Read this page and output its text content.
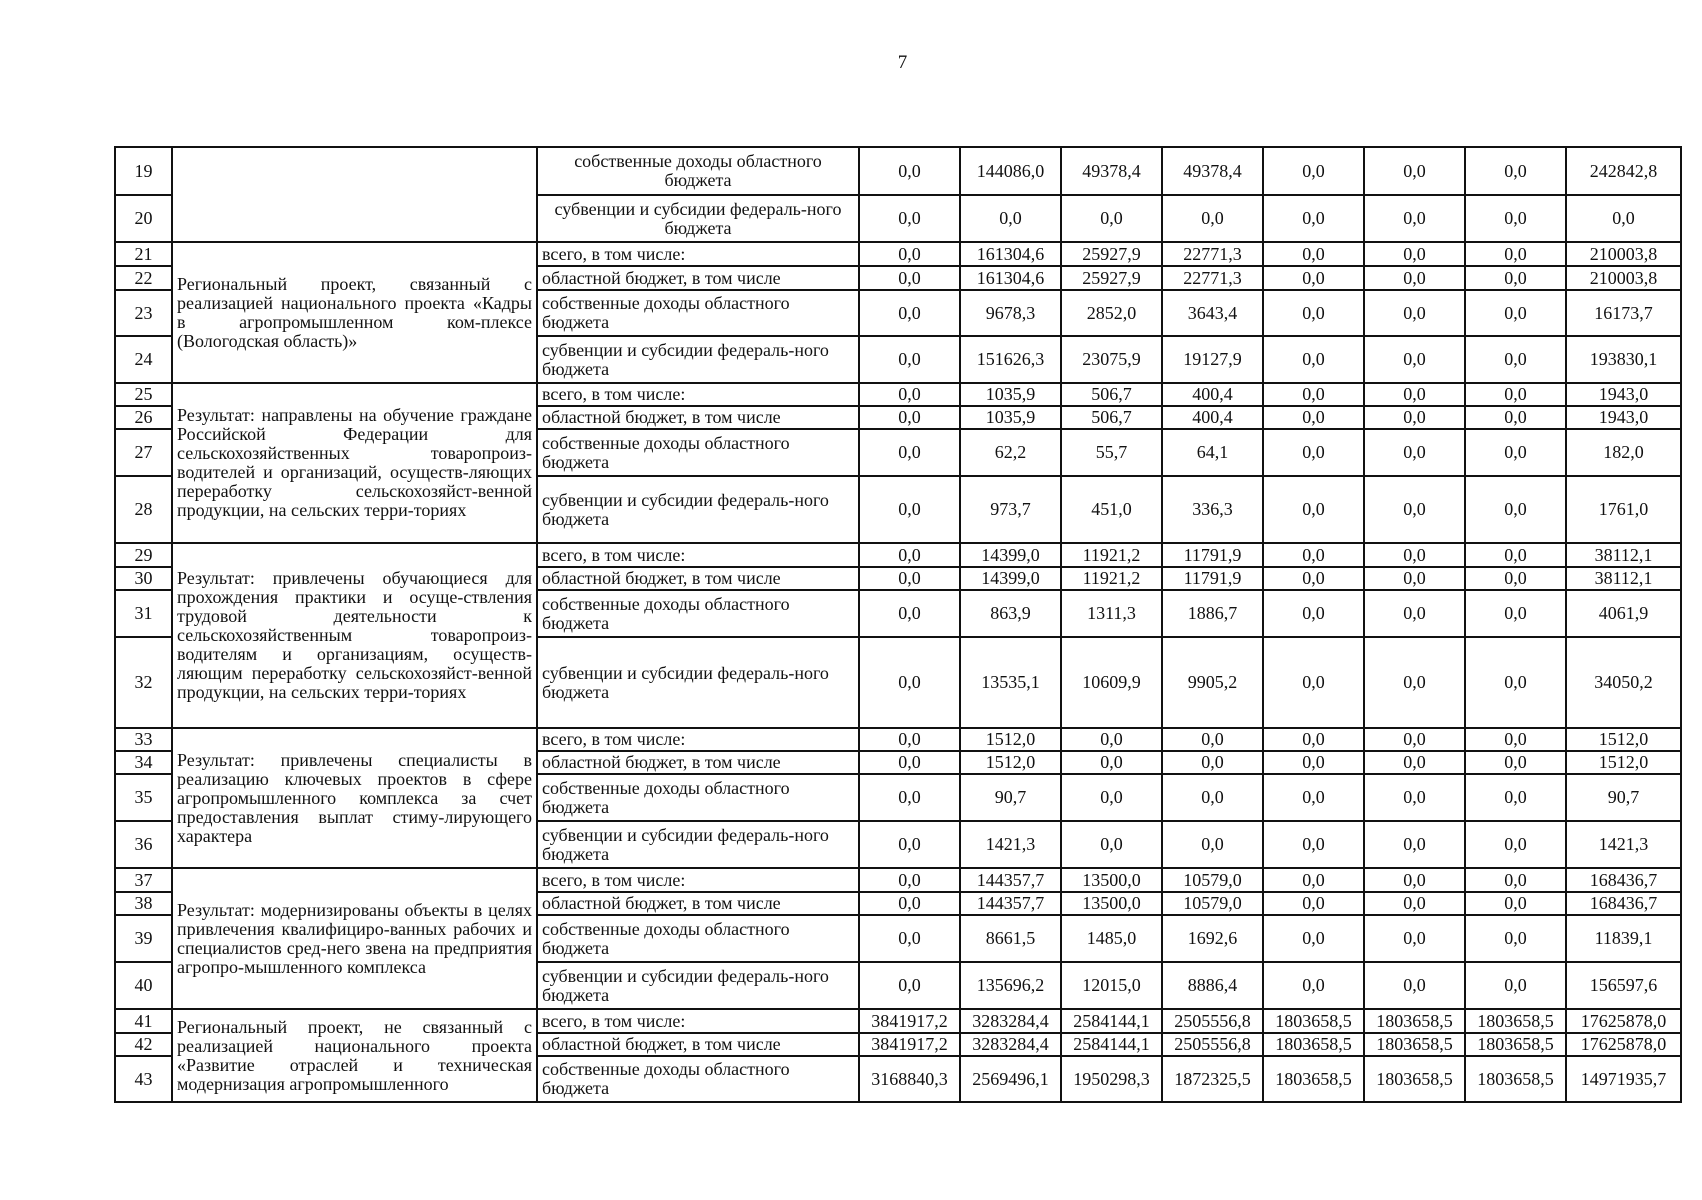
7
19		собственные доходы областного бюджета	0,0	144086,0	49378,4	49378,4	0,0	0,0	0,0	242842,8
20		субвенции и субсидии федераль-ного бюджета	0,0	0,0	0,0	0,0	0,0	0,0	0,0	0,0
21	Региональный проект, связанный с реализацией национального проекта «Кадры в агропромышленном ком-плексе (Вологодская область)»	всего, в том числе:	0,0	161304,6	25927,9	22771,3	0,0	0,0	0,0	210003,8
22		областной бюджет, в том числе	0,0	161304,6	25927,9	22771,3	0,0	0,0	0,0	210003,8
23		собственные доходы областного бюджета	0,0	9678,3	2852,0	3643,4	0,0	0,0	0,0	16173,7
24		субвенции и субсидии федераль-ного бюджета	0,0	151626,3	23075,9	19127,9	0,0	0,0	0,0	193830,1
25	Результат: направлены на обучение граждане Российской Федерации для сельскохозяйственных товаропроиз-водителей и организаций, осуществ-ляющих переработку сельскохозяйст-венной продукции, на сельских терри-ториях	всего, в том числе:	0,0	1035,9	506,7	400,4	0,0	0,0	0,0	1943,0
26		областной бюджет, в том числе	0,0	1035,9	506,7	400,4	0,0	0,0	0,0	1943,0
27		собственные доходы областного бюджета	0,0	62,2	55,7	64,1	0,0	0,0	0,0	182,0
28		субвенции и субсидии федераль-ного бюджета	0,0	973,7	451,0	336,3	0,0	0,0	0,0	1761,0
29	Результат: привлечены обучающиеся для прохождения практики и осуще-ствления трудовой деятельности к сельскохозяйственным товаропроиз-водителям и организациям, осуществ-ляющим переработку сельскохозяйст-венной продукции, на сельских терри-ториях	всего, в том числе:	0,0	14399,0	11921,2	11791,9	0,0	0,0	0,0	38112,1
30		областной бюджет, в том числе	0,0	14399,0	11921,2	11791,9	0,0	0,0	0,0	38112,1
31		собственные доходы областного бюджета	0,0	863,9	1311,3	1886,7	0,0	0,0	0,0	4061,9
32		субвенции и субсидии федераль-ного бюджета	0,0	13535,1	10609,9	9905,2	0,0	0,0	0,0	34050,2
33	Результат: привлечены специалисты в реализацию ключевых проектов в сфере агропромышленного комплекса за счет предоставления выплат стиму-лирующего характера	всего, в том числе:	0,0	1512,0	0,0	0,0	0,0	0,0	0,0	1512,0
34		областной бюджет, в том числе	0,0	1512,0	0,0	0,0	0,0	0,0	0,0	1512,0
35		собственные доходы областного бюджета	0,0	90,7	0,0	0,0	0,0	0,0	0,0	90,7
36		субвенции и субсидии федераль-ного бюджета	0,0	1421,3	0,0	0,0	0,0	0,0	0,0	1421,3
37	Результат: модернизированы объекты в целях привлечения квалифициро-ванных рабочих и специалистов сред-него звена на предприятия агропро-мышленного комплекса	всего, в том числе:	0,0	144357,7	13500,0	10579,0	0,0	0,0	0,0	168436,7
38		областной бюджет, в том числе	0,0	144357,7	13500,0	10579,0	0,0	0,0	0,0	168436,7
39		собственные доходы областного бюджета	0,0	8661,5	1485,0	1692,6	0,0	0,0	0,0	11839,1
40		субвенции и субсидии федераль-ного бюджета	0,0	135696,2	12015,0	8886,4	0,0	0,0	0,0	156597,6
41	Региональный проект, не связанный с реализацией национального проекта «Развитие отраслей и техническая модернизация агропромышленного	всего, в том числе:	3841917,2	3283284,4	2584144,1	2505556,8	1803658,5	1803658,5	1803658,5	17625878,0
42		областной бюджет, в том числе	3841917,2	3283284,4	2584144,1	2505556,8	1803658,5	1803658,5	1803658,5	17625878,0
43		собственные доходы областного бюджета	3168840,3	2569496,1	1950298,3	1872325,5	1803658,5	1803658,5	1803658,5	14971935,7
